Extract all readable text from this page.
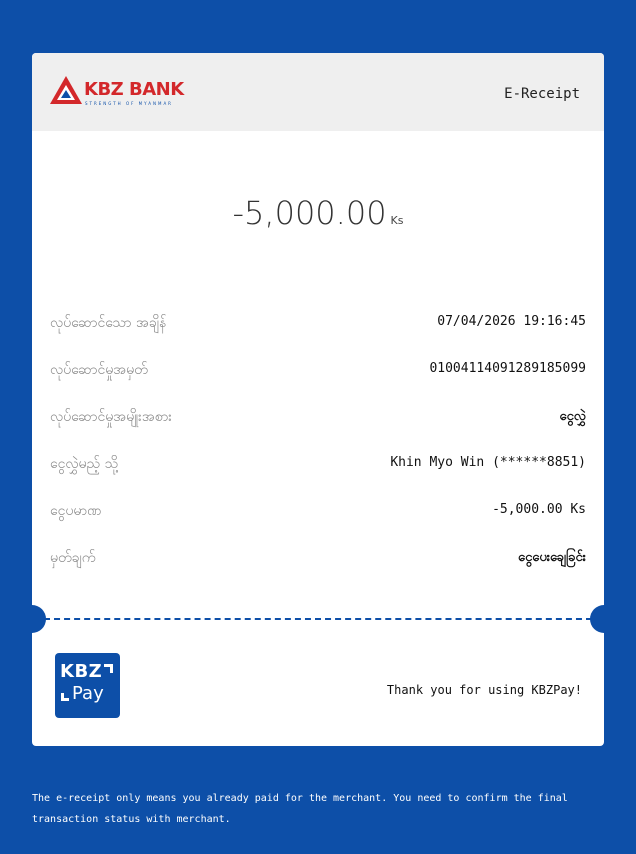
KBZ BANK
STRENGTH OF MYANMAR
E-Receipt
-5,000.00 Ks
လုပ်ဆောင်သော အချိန်	07/04/2026 19:16:45
လုပ်ဆောင်မှုအမှတ်	01004114091289185099
လုပ်ဆောင်မှုအမျိုးအစား	ငွေလွှဲ
ငွေလွှဲမည့် သို့	Khin Myo Win (******8851)
ငွေပမာဏ	-5,000.00 Ks
မှတ်ချက်	ငွေပေးချေခြင်း
KBZ
Pay	Thank you for using KBZPay!
The e-receipt only means you already paid for the merchant. You need to confirm the final transaction status with merchant.
